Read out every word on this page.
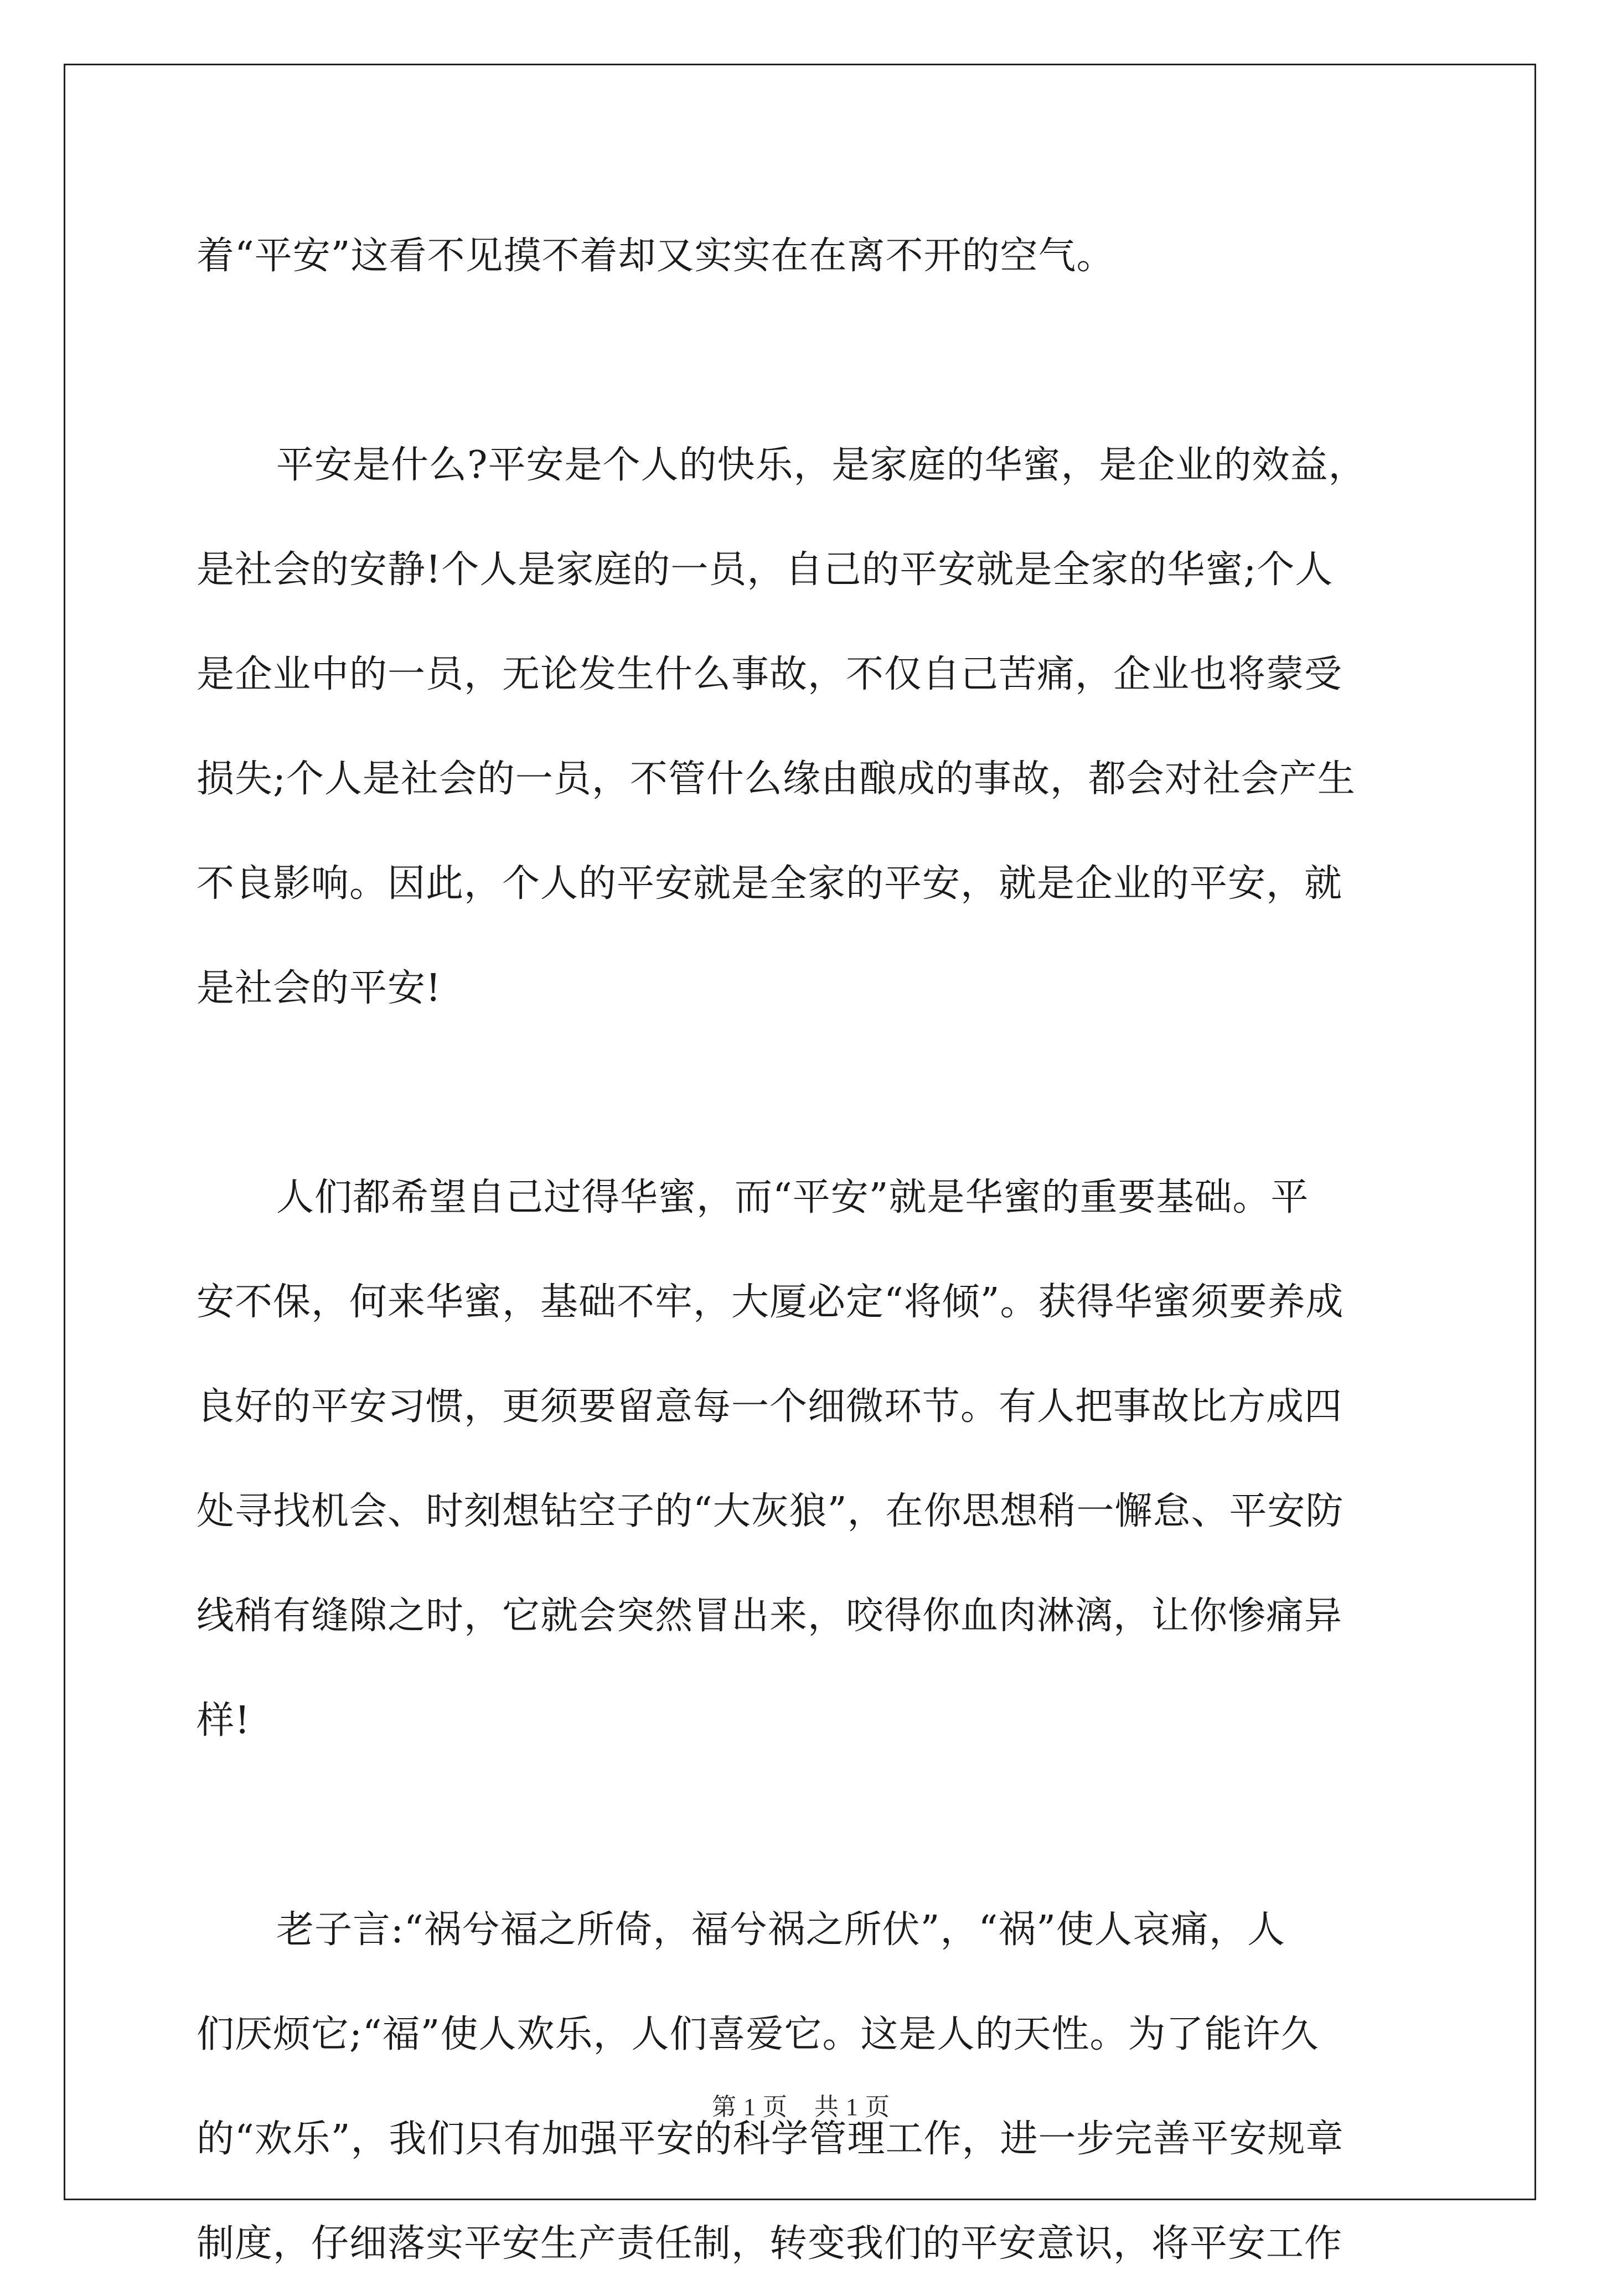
着“平安”这看不见摸不着却又实实在在离不开的空气。
平安是什么?平安是个人的快乐，是家庭的华蜜，是企业的效益，
是社会的安静!个人是家庭的一员，自己的平安就是全家的华蜜;个人
是企业中的一员，无论发生什么事故，不仅自己苦痛，企业也将蒙受
损失;个人是社会的一员，不管什么缘由酿成的事故，都会对社会产生
不良影响。因此，个人的平安就是全家的平安，就是企业的平安，就
是社会的平安!
人们都希望自己过得华蜜，而“平安”就是华蜜的重要基础。平
安不保，何来华蜜，基础不牢，大厦必定“将倾”。获得华蜜须要养成
良好的平安习惯，更须要留意每一个细微环节。有人把事故比方成四
处寻找机会、时刻想钻空子的“大灰狼”，在你思想稍一懈怠、平安防
线稍有缝隙之时，它就会突然冒出来，咬得你血肉淋漓，让你惨痛异
样!
老子言:“祸兮福之所倚，福兮祸之所伏”，“祸”使人哀痛，人
们厌烦它;“福”使人欢乐，人们喜爱它。这是人的天性。为了能许久
的“欢乐”，我们只有加强平安的科学管理工作，进一步完善平安规章
制度，仔细落实平安生产责任制，转变我们的平安意识，将平安工作
第 1 页 共 1 页
